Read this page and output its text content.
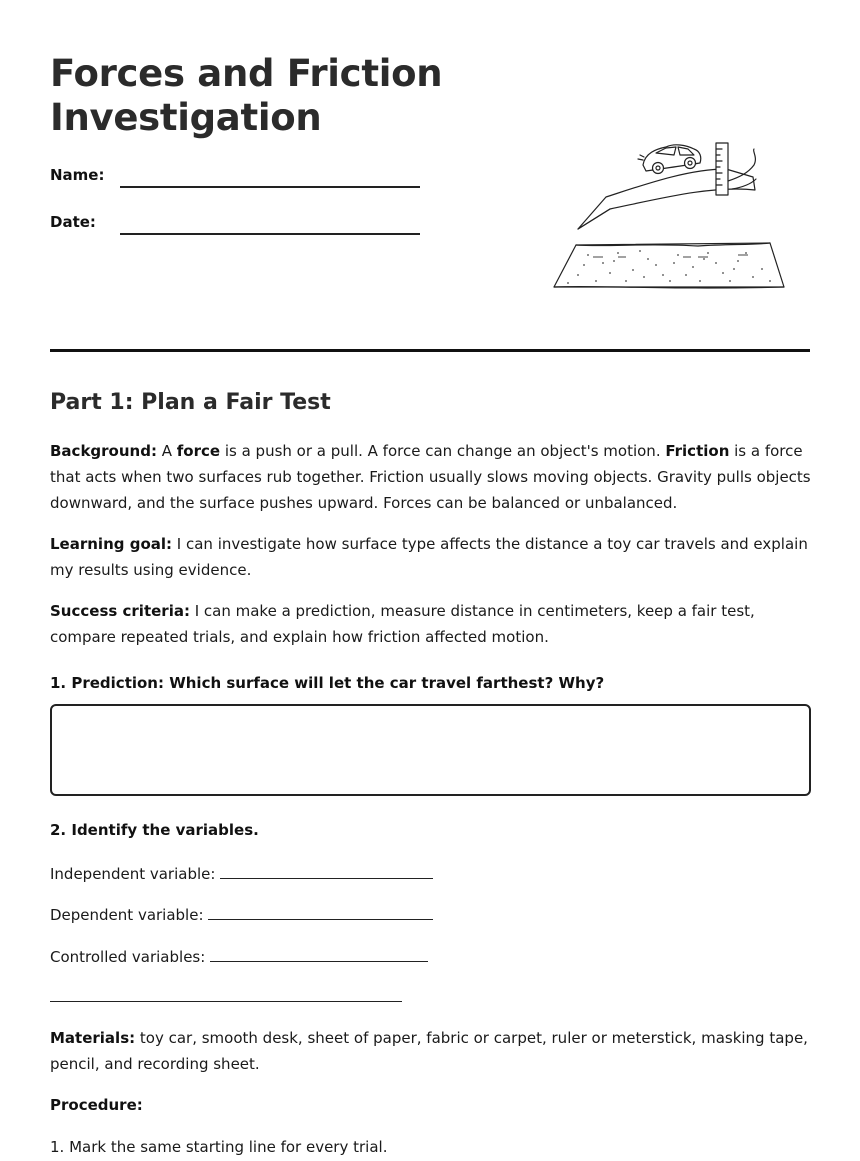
Forces and Friction Investigation
Name:
Date:
Part 1: Plan a Fair Test

Background: A force is a push or a pull. A force can change an object's motion. Friction is a force that acts when two surfaces rub together. Friction usually slows moving objects. Gravity pulls objects downward, and the surface pushes upward. Forces can be balanced or unbalanced.

Learning goal: I can investigate how surface type affects the distance a toy car travels and explain my results using evidence.

Success criteria: I can make a prediction, measure distance in centimeters, keep a fair test, compare repeated trials, and explain how friction affected motion.

1. Prediction: Which surface will let the car travel farthest? Why?

2. Identify the variables.

Independent variable:

Dependent variable:

Controlled variables:

Materials: toy car, smooth desk, sheet of paper, fabric or carpet, ruler or meterstick, masking tape, pencil, and recording sheet.

Procedure:

1. Mark the same starting line for every trial.
